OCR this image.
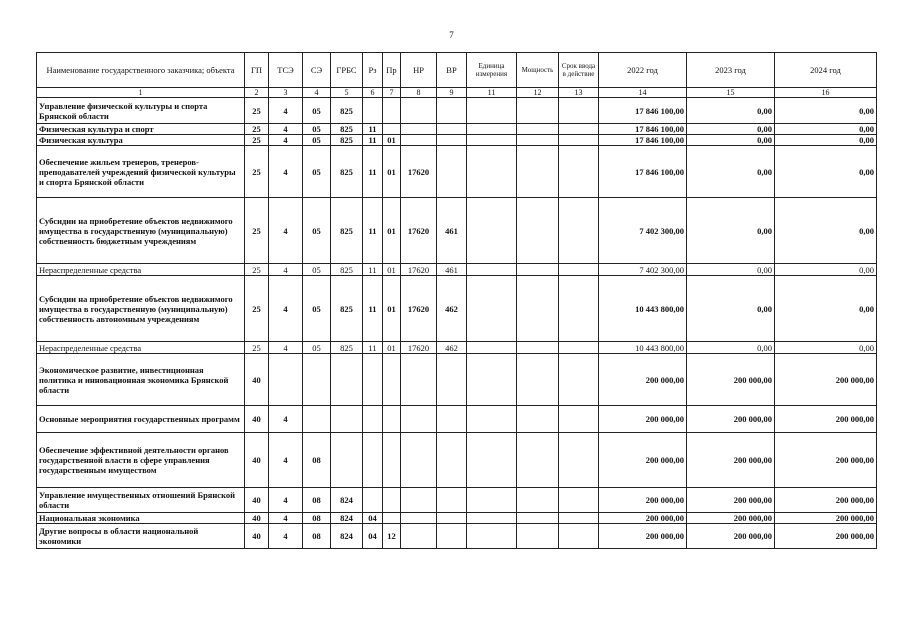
7
Наименование государственного заказчика; объекта	ГП	ТСЭ	СЭ	ГРБС	Рз	Пр	НР	ВР	Единица измерения	Мощность	Срок ввода в действие	2022 год	2023 год	2024 год
1	2	3	4	5	6	7	8	9	11	12	13	14	15	16
Управление физической культуры и спорта Брянской области	25	4	05	825								17 846 100,00	0,00	0,00
Физическая культура и спорт	25	4	05	825	11							17 846 100,00	0,00	0,00
Физическая культура	25	4	05	825	11	01						17 846 100,00	0,00	0,00
Обеспечение жильем тренеров, тренеров-преподавателей учреждений физической культуры и спорта Брянской области	25	4	05	825	11	01	17620					17 846 100,00	0,00	0,00
Субсидии на приобретение объектов недвижимого имущества в государственную (муниципальную) собственность бюджетным учреждениям	25	4	05	825	11	01	17620	461				7 402 300,00	0,00	0,00
Нераспределенные средства	25	4	05	825	11	01	17620	461				7 402 300,00	0,00	0,00
Субсидии на приобретение объектов недвижимого имущества в государственную (муниципальную) собственность автономным учреждениям	25	4	05	825	11	01	17620	462				10 443 800,00	0,00	0,00
Нераспределенные средства	25	4	05	825	11	01	17620	462				10 443 800,00	0,00	0,00
Экономическое развитие, инвестиционная политика и инновационная экономика Брянской области	40											200 000,00	200 000,00	200 000,00
Основные мероприятия государственных программ	40	4										200 000,00	200 000,00	200 000,00
Обеспечение эффективной деятельности органов государственной власти в сфере управления государственным имуществом	40	4	08									200 000,00	200 000,00	200 000,00
Управление имущественных отношений Брянской области	40	4	08	824								200 000,00	200 000,00	200 000,00
Национальная экономика	40	4	08	824	04							200 000,00	200 000,00	200 000,00
Другие вопросы в области национальной экономики	40	4	08	824	04	12						200 000,00	200 000,00	200 000,00
